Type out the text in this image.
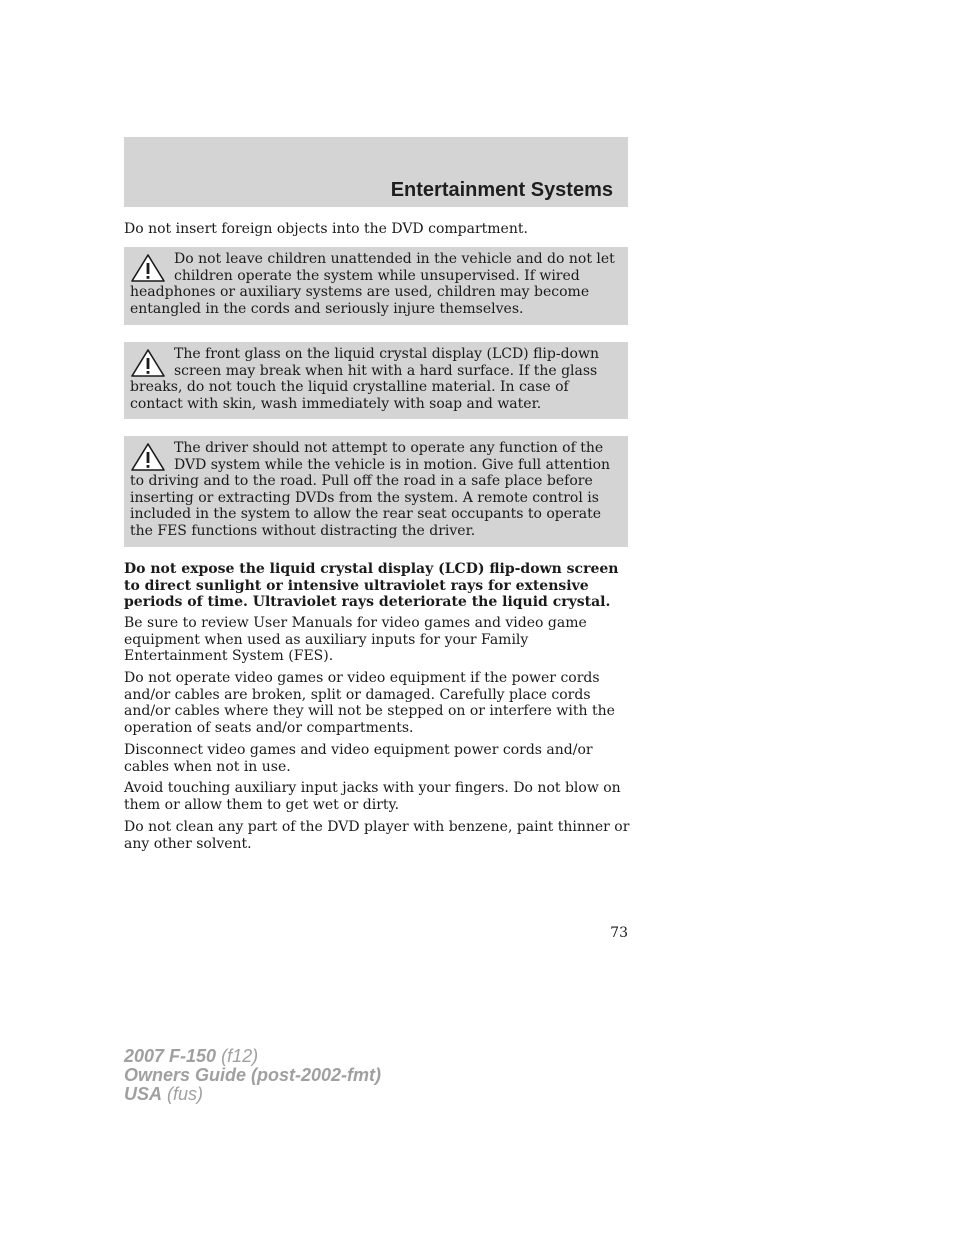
Entertainment Systems

Do not insert foreign objects into the DVD compartment.

Do not leave children unattended in the vehicle and do not let children operate the system while unsupervised. If wired headphones or auxiliary systems are used, children may become entangled in the cords and seriously injure themselves.

The front glass on the liquid crystal display (LCD) flip-down screen may break when hit with a hard surface. If the glass breaks, do not touch the liquid crystalline material. In case of contact with skin, wash immediately with soap and water.

The driver should not attempt to operate any function of the DVD system while the vehicle is in motion. Give full attention to driving and to the road. Pull off the road in a safe place before inserting or extracting DVDs from the system. A remote control is included in the system to allow the rear seat occupants to operate the FES functions without distracting the driver.

Do not expose the liquid crystal display (LCD) flip-down screen to direct sunlight or intensive ultraviolet rays for extensive periods of time. Ultraviolet rays deteriorate the liquid crystal.

Be sure to review User Manuals for video games and video game equipment when used as auxiliary inputs for your Family Entertainment System (FES).

Do not operate video games or video equipment if the power cords and/or cables are broken, split or damaged. Carefully place cords and/or cables where they will not be stepped on or interfere with the operation of seats and/or compartments.

Disconnect video games and video equipment power cords and/or cables when not in use.

Avoid touching auxiliary input jacks with your fingers. Do not blow on them or allow them to get wet or dirty.

Do not clean any part of the DVD player with benzene, paint thinner or any other solvent.

73
2007 F-150 (f12)
Owners Guide (post-2002-fmt)
USA (fus)
